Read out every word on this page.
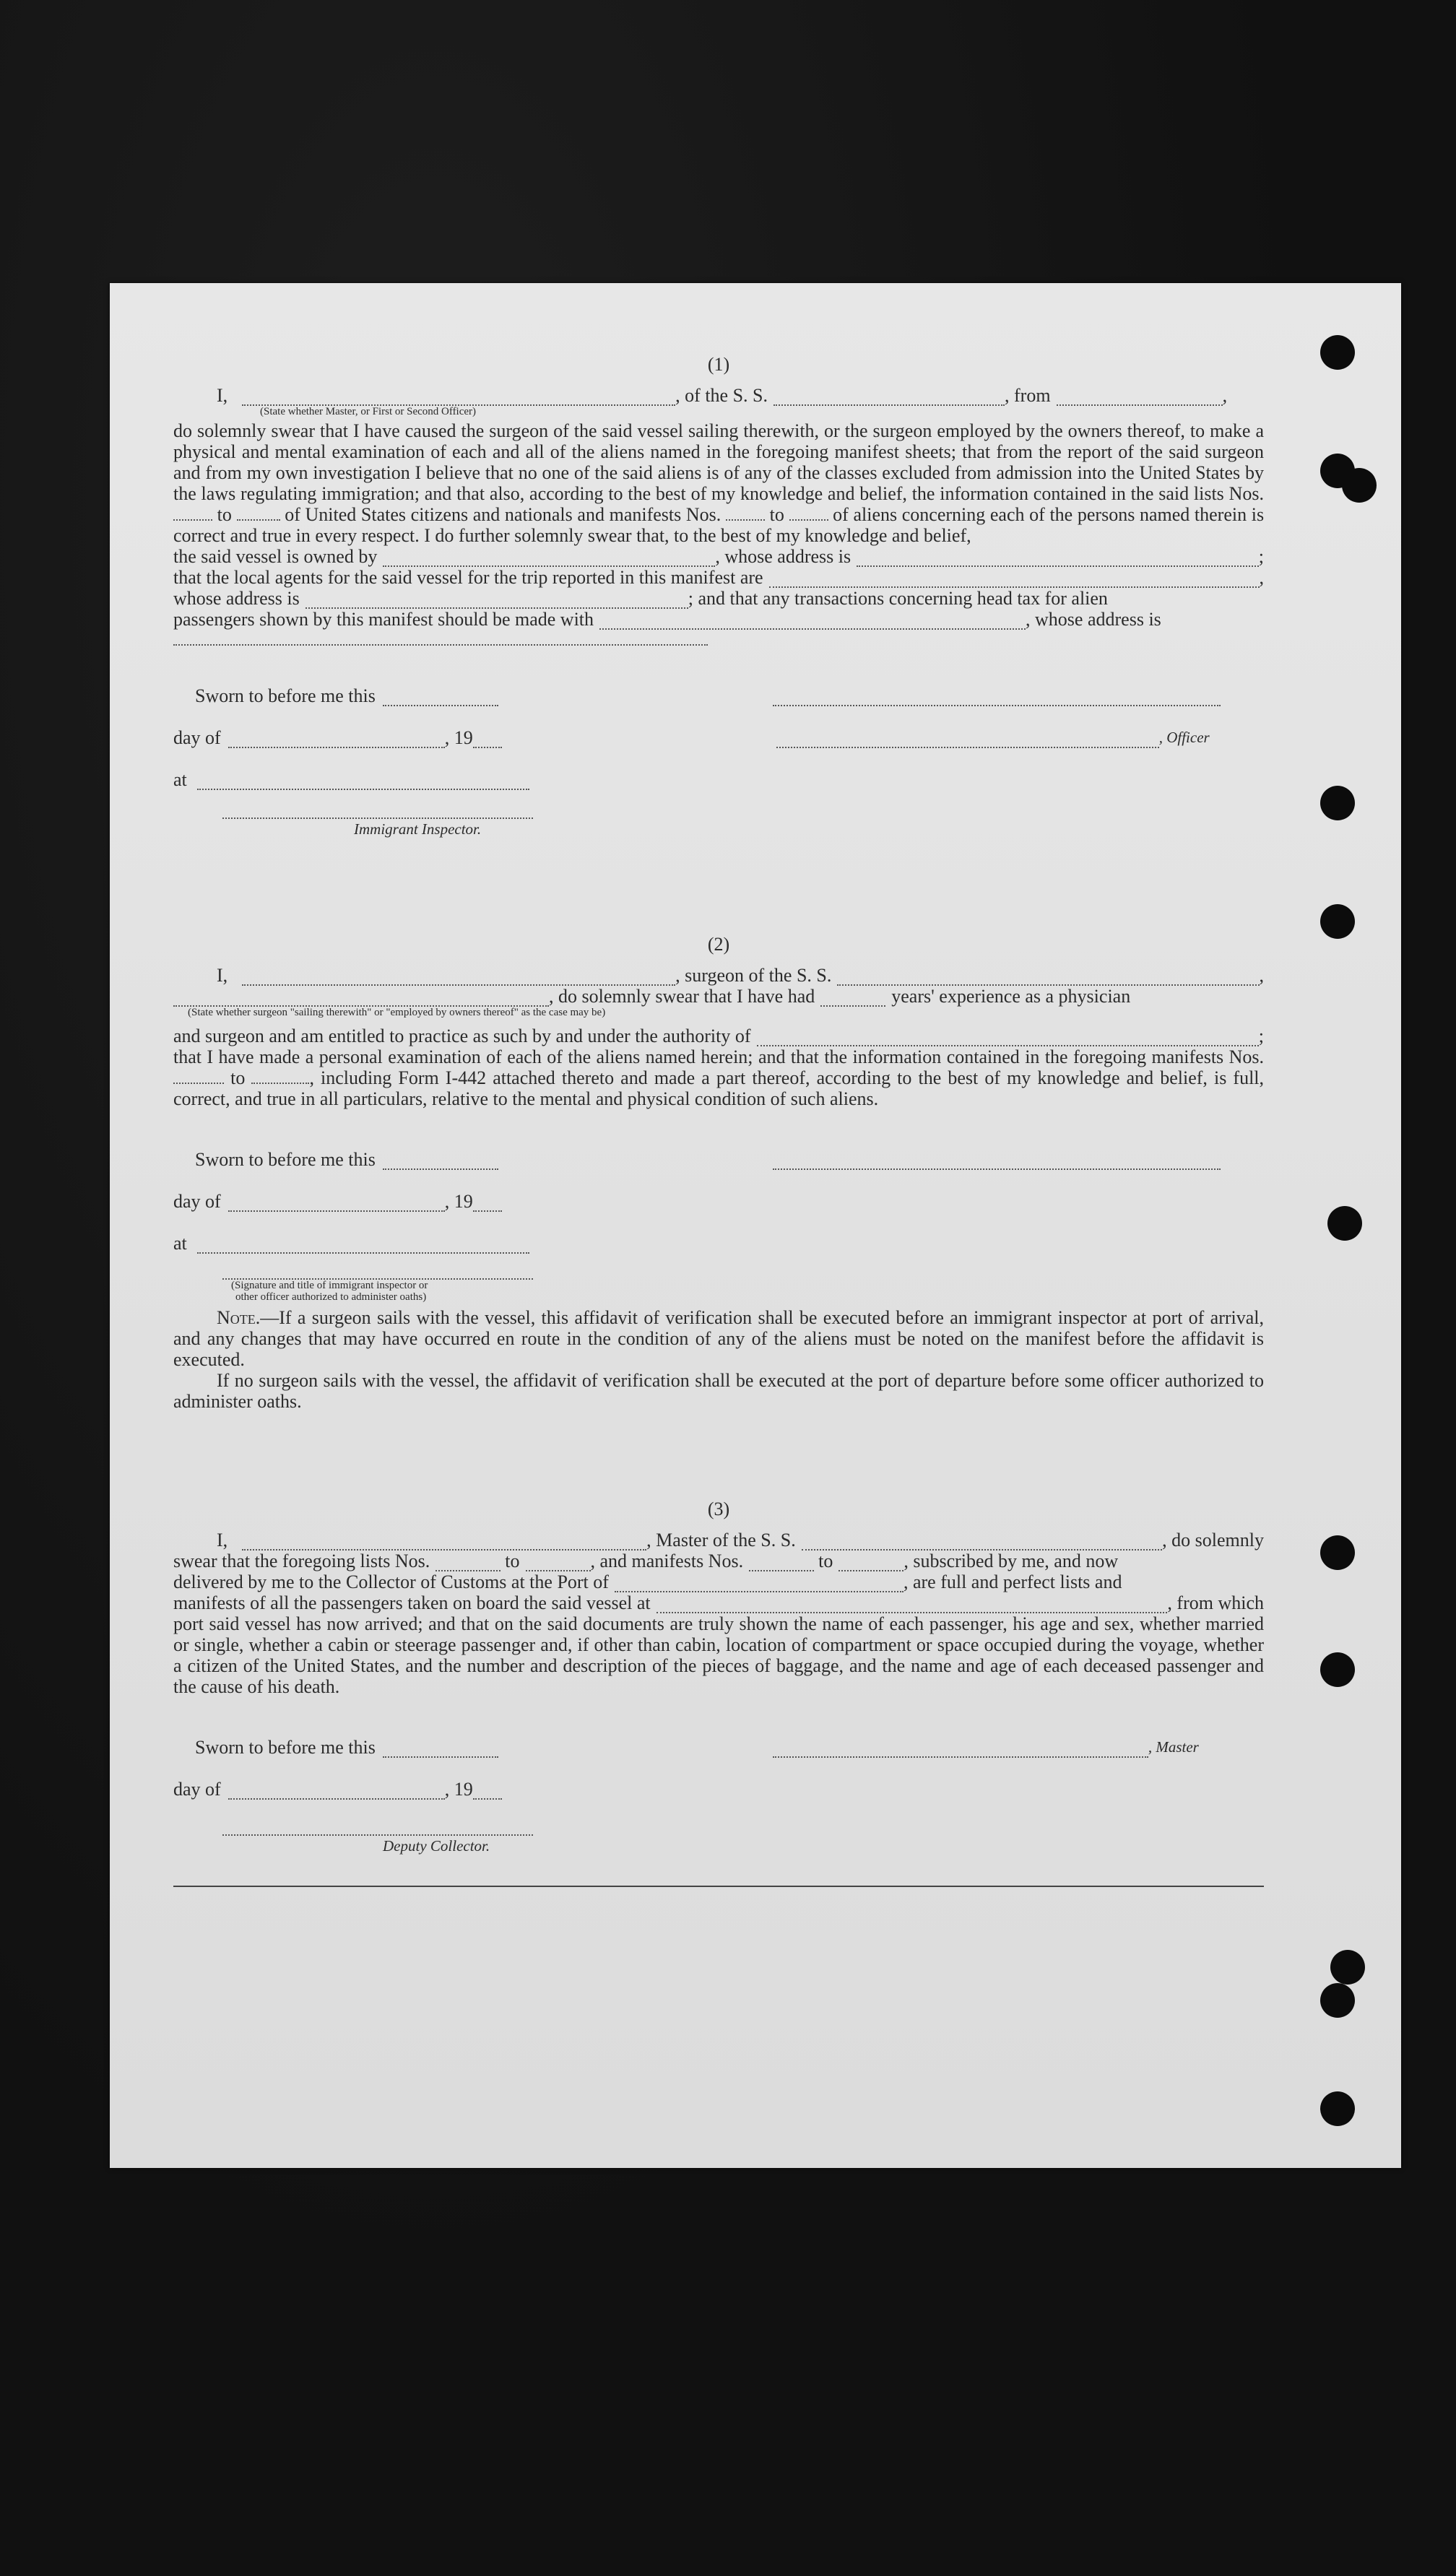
(1)
I,	, of the S. S.	, from	,
(State whether Master, or First or Second Officer)

do solemnly swear that I have caused the surgeon of the said vessel sailing therewith, or the surgeon employed by the owners thereof, to make a physical and mental examination of each and all of the aliens named in the foregoing manifest sheets; that from the report of the said surgeon and from my own investigation I believe that no one of the said aliens is of any of the classes excluded from admission into the United States by the laws regulating immigration; and that also, according to the best of my knowledge and belief, the information contained in the said lists Nos.  to	of United States citizens and nationals and manifests Nos.	to	of aliens concerning each of the persons named therein is correct and true in every respect. I do further solemnly swear that, to the best of my knowledge and belief,

the said vessel is owned by	, whose address is	;
that the local agents for the said vessel for the trip reported in this manifest are	,
whose address is	; and that any transactions concerning head tax for alien
passengers shown by this manifest should be made with	, whose address is
Sworn to before me this
day of	, 19	, Officer
at
Immigrant Inspector.
(2)
I,	, surgeon of the S. S.	,
, do solemnly swear that I have had	years' experience as a physician
(State whether surgeon "sailing therewith" or "employed by owners thereof" as the case may be)
and surgeon and am entitled to practice as such by and under the authority of	;

that I have made a personal examination of each of the aliens named herein; and that the information contained in the foregoing manifests Nos.  to	, including Form I-442 attached thereto and made a part thereof, according to the best of my knowledge and belief, is full, correct, and true in all particulars, relative to the mental and physical condition of such aliens.

Sworn to before me this
day of	, 19
at
(Signature and title of immigrant inspector or
other officer authorized to administer oaths)

Note.—If a surgeon sails with the vessel, this affidavit of verification shall be executed before an immigrant inspector at port of arrival, and any changes that may have occurred en route in the condition of any of the aliens must be noted on the manifest before the affidavit is executed.

If no surgeon sails with the vessel, the affidavit of verification shall be executed at the port of departure before some officer authorized to administer oaths.

(3)
I,	, Master of the S. S.	, do solemnly
swear that the foregoing lists Nos.	to	, and manifests Nos.	to	, subscribed by me, and now
delivered by me to the Collector of Customs at the Port of	, are full and perfect lists and
manifests of all the passengers taken on board the said vessel at	, from which

port said vessel has now arrived; and that on the said documents are truly shown the name of each passenger, his age and sex, whether married or single, whether a cabin or steerage passenger and, if other than cabin, location of compartment or space occupied during the voyage, whether a citizen of the United States, and the number and description of the pieces of baggage, and the name and age of each deceased passenger and the cause of his death.

Sworn to before me this	, Master
day of	, 19
Deputy Collector.
